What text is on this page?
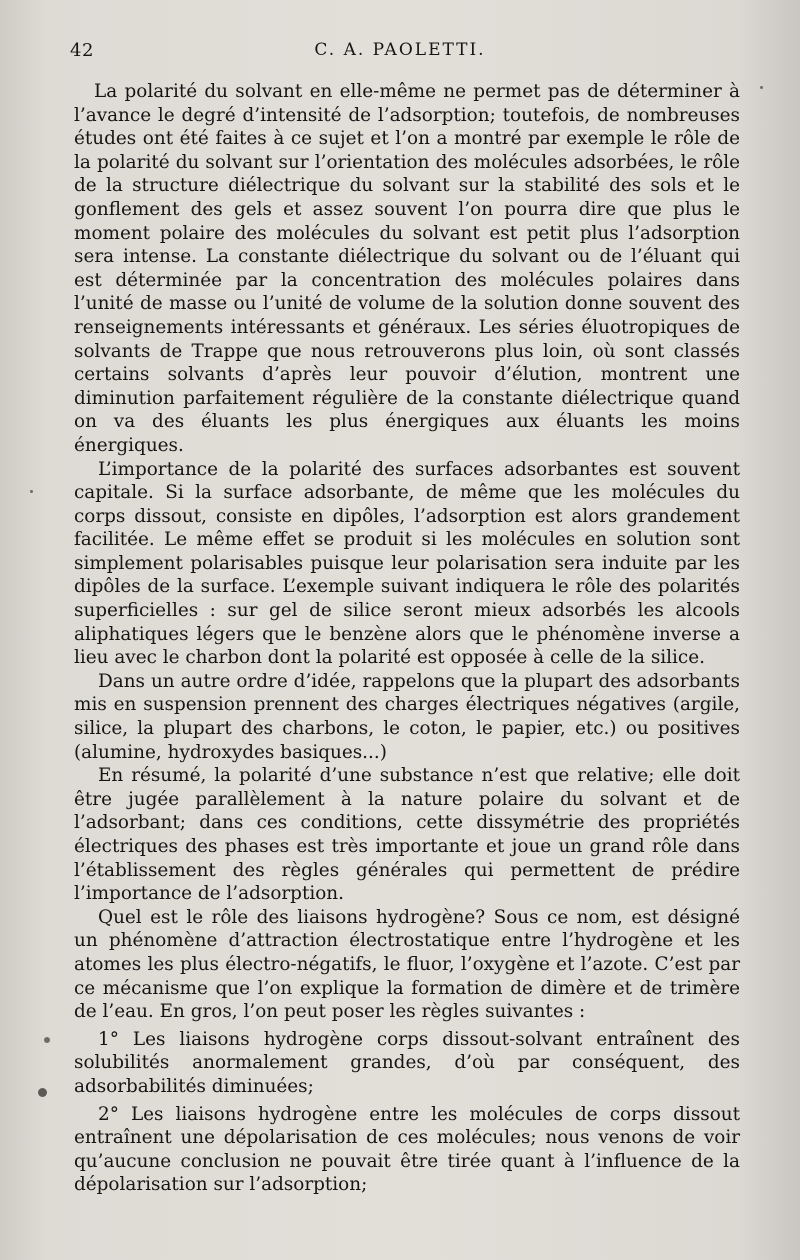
42	C. A. PAOLETTI.

La polarité du solvant en elle-même ne permet pas de déterminer à l’avance le degré d’intensité de l’adsorption; toutefois, de nombreuses études ont été faites à ce sujet et l’on a montré par exemple le rôle de la polarité du solvant sur l’orientation des molécules adsorbées, le rôle de la structure diélectrique du solvant sur la stabilité des sols et le gonflement des gels et assez souvent l’on pourra dire que plus le moment polaire des molécules du solvant est petit plus l’adsorption sera intense. La constante diélectrique du solvant ou de l’éluant qui est déterminée par la concentration des molécules polaires dans l’unité de masse ou l’unité de volume de la solution donne souvent des renseignements intéressants et généraux. Les séries éluotropiques de solvants de Trappe que nous retrouverons plus loin, où sont classés certains solvants d’après leur pouvoir d’élution, montrent une diminution parfaitement régulière de la constante diélectrique quand on va des éluants les plus énergiques aux éluants les moins énergiques.

L’importance de la polarité des surfaces adsorbantes est souvent capitale. Si la surface adsorbante, de même que les molécules du corps dissout, consiste en dipôles, l’adsorption est alors grandement facilitée. Le même effet se produit si les molécules en solution sont simplement polarisables puisque leur polarisation sera induite par les dipôles de la surface. L’exemple suivant indiquera le rôle des polarités superficielles : sur gel de silice seront mieux adsorbés les alcools aliphatiques légers que le benzène alors que le phénomène inverse a lieu avec le charbon dont la polarité est opposée à celle de la silice.

Dans un autre ordre d’idée, rappelons que la plupart des adsorbants mis en suspension prennent des charges électriques négatives (argile, silice, la plupart des charbons, le coton, le papier, etc.) ou positives (alumine, hydroxydes basiques...)

En résumé, la polarité d’une substance n’est que relative; elle doit être jugée parallèlement à la nature polaire du solvant et de l’adsorbant; dans ces conditions, cette dissymétrie des propriétés électriques des phases est très importante et joue un grand rôle dans l’établissement des règles générales qui permettent de prédire l’importance de l’adsorption.

Quel est le rôle des liaisons hydrogène? Sous ce nom, est désigné un phénomène d’attraction électrostatique entre l’hydrogène et les atomes les plus électro-négatifs, le fluor, l’oxygène et l’azote. C’est par ce mécanisme que l’on explique la formation de dimère et de trimère de l’eau. En gros, l’on peut poser les règles suivantes :

1° Les liaisons hydrogène corps dissout-solvant entraînent des solubilités anormalement grandes, d’où par conséquent, des adsorbabilités diminuées;

2° Les liaisons hydrogène entre les molécules de corps dissout entraînent une dépolarisation de ces molécules; nous venons de voir qu’aucune conclusion ne pouvait être tirée quant à l’influence de la dépolarisation sur l’adsorption;
